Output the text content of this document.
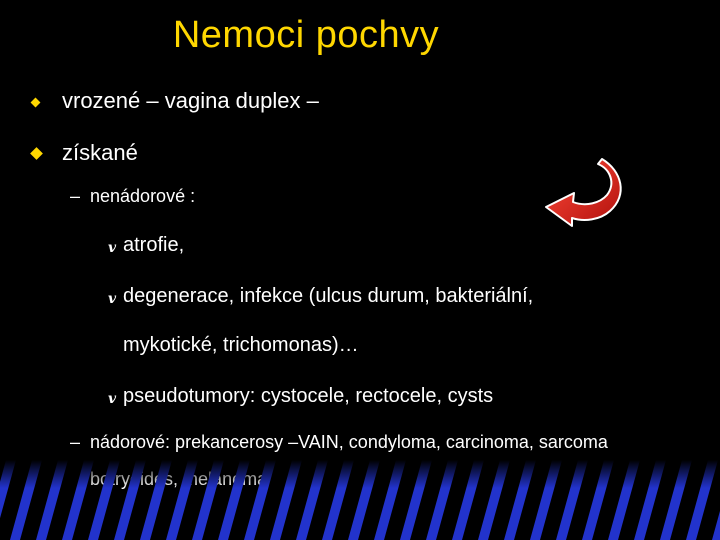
Nemoci pochvy
vrozené – vagina duplex –
získané
– nenádorové :
v atrofie,
v degenerace, infekce (ulcus durum, bakteriální,
mykotické, trichomonas)…
v pseudotumory: cystocele, rectocele, cysts
– nádorové: prekancerosy –VAIN, condyloma, carcinoma, sarcoma
